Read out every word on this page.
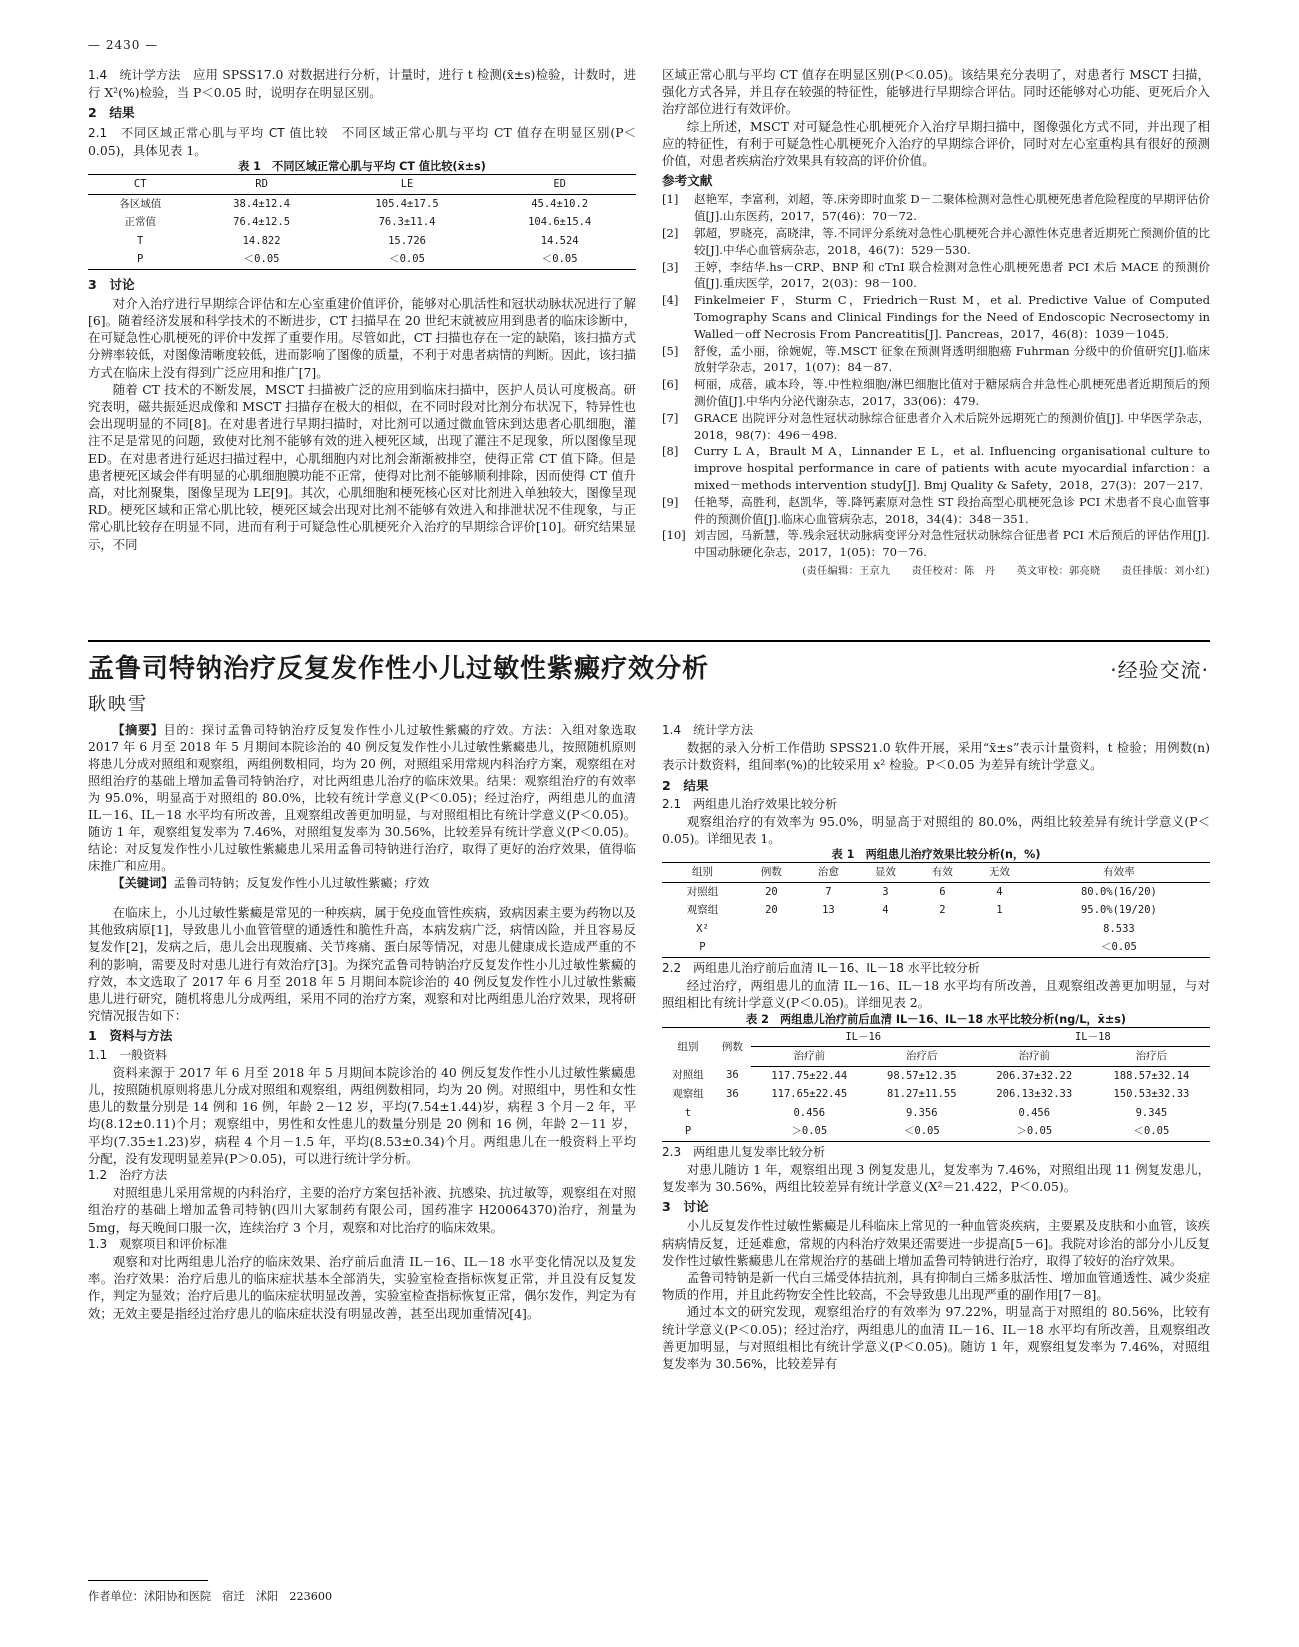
— 2430 —
1.4　统计学方法　 应用 SPSS17.0 对数据进行分析，计量时，进行 t 检测(x̄±s)检验，计数时，进行 X²(%)检验，当 P＜0.05 时，说明存在明显区别。
2　结果
2.1　不同区域正常心肌与平均 CT 值比较　 不同区域正常心肌与平均 CT 值存在明显区别(P＜0.05)，具体见表 1。
表 1　不同区域正常心肌与平均 CT 值比较(x̄±s)
CT	RD	LE	ED
各区域值	38.4±12.4	105.4±17.5	45.4±10.2
正常值	76.4±12.5	76.3±11.4	104.6±15.4
T	14.822	15.726	14.524
P	＜0.05	＜0.05	＜0.05
3　讨论
对介入治疗进行早期综合评估和左心室重建价值评价，能够对心肌活性和冠状动脉状况进行了解[6]。随着经济发展和科学技术的不断进步，CT 扫描早在 20 世纪末就被应用到患者的临床诊断中，在可疑急性心肌梗死的评价中发挥了重要作用。尽管如此，CT 扫描也存在一定的缺陷，该扫描方式分辨率较低，对图像清晰度较低，进而影响了图像的质量，不利于对患者病情的判断。因此，该扫描方式在临床上没有得到广泛应用和推广[7]。
随着 CT 技术的不断发展，MSCT 扫描被广泛的应用到临床扫描中，医护人员认可度极高。研究表明，磁共振延迟成像和 MSCT 扫描存在极大的相似，在不同时段对比剂分布状况下，特异性也会出现明显的不同[8]。在对患者进行早期扫描时，对比剂可以通过微血管床到达患者心肌细胞，灌注不足是常见的问题，致使对比剂不能够有效的进入梗死区域，出现了灌注不足现象，所以图像呈现 ED。在对患者进行延迟扫描过程中，心肌细胞内对比剂会渐渐被排空，使得正常 CT 值下降。但是患者梗死区域会伴有明显的心肌细胞膜功能不正常，使得对比剂不能够顺利排除，因而使得 CT 值升高，对比剂聚集，图像呈现为 LE[9]。其次，心肌细胞和梗死核心区对比剂进入单独较大，图像呈现 RD。梗死区域和正常心肌比较，梗死区域会出现对比剂不能够有效进入和排泄状况不佳现象，与正常心肌比较存在明显不同，进而有利于可疑急性心肌梗死介入治疗的早期综合评价[10]。研究结果显示，不同
区域正常心肌与平均 CT 值存在明显区别(P＜0.05)。该结果充分表明了，对患者行 MSCT 扫描，强化方式各异，并且存在较强的特征性，能够进行早期综合评估。同时还能够对心功能、更死后介入治疗部位进行有效评价。
综上所述，MSCT 对可疑急性心肌梗死介入治疗早期扫描中，图像强化方式不同，并出现了相应的特征性，有利于可疑急性心肌梗死介入治疗的早期综合评价，同时对左心室重构具有很好的预测价值，对患者疾病治疗效果具有较高的评价价值。
参考文献
[1]	赵艳军，李富利，刘超，等.床旁即时血浆 D－二聚体检测对急性心肌梗死患者危险程度的早期评估价值[J].山东医药，2017，57(46)：70－72.
[2]	郭超，罗晓亮，高晓津，等.不同评分系统对急性心肌梗死合并心源性休克患者近期死亡预测价值的比较[J].中华心血管病杂志，2018，46(7)：529－530.
[3]	王婷，李结华.hs－CRP、BNP 和 cTnI 联合检测对急性心肌梗死患者 PCI 术后 MACE 的预测价值[J].重庆医学，2017，2(03)：98－100.
[4]	Finkelmeier F，Sturm C，Friedrich－Rust M，et al. Predictive Value of Computed Tomography Scans and Clinical Findings for the Need of Endoscopic Necrosectomy in Walled－off Necrosis From Pancreatitis[J]. Pancreas，2017，46(8)：1039－1045.
[5]	舒俊，孟小丽，徐婉妮，等.MSCT 征象在预测肾透明细胞癌 Fuhrman 分级中的价值研究[J].临床放射学杂志，2017，1(07)：84－87.
[6]	柯丽，成蓓，戚本玲，等.中性粒细胞/淋巴细胞比值对于糖尿病合并急性心肌梗死患者近期预后的预测价值[J].中华内分泌代谢杂志，2017，33(06)：479.
[7]	GRACE 出院评分对急性冠状动脉综合征患者介入术后院外远期死亡的预测价值[J]. 中华医学杂志，2018，98(7)：496－498.
[8]	Curry L A，Brault M A，Linnander E L，et al. Influencing organisational culture to improve hospital performance in care of patients with acute myocardial infarction：a mixed－methods intervention study[J]. Bmj Quality & Safety，2018，27(3)：207－217.
[9]	任艳琴，高胜利，赵凯华，等.降钙素原对急性 ST 段抬高型心肌梗死急诊 PCI 术患者不良心血管事件的预测价值[J].临床心血管病杂志，2018，34(4)：348－351.
[10] 刘吉园，马新慧，等.残余冠状动脉病变评分对急性冠状动脉综合征患者 PCI 术后预后的评估作用[J].中国动脉硬化杂志，2017，1(05)：70－76.
(责任编辑：王京九　　责任校对：陈　丹　　英文审校：郭亮晓　　责任排版：刘小红)
孟鲁司特钠治疗反复发作性小儿过敏性紫癜疗效分析	·经验交流·
耿映雪
【摘要】目的：探讨孟鲁司特钠治疗反复发作性小儿过敏性紫癜的疗效。方法：入组对象选取 2017 年 6 月至 2018 年 5 月期间本院诊治的 40 例反复发作性小儿过敏性紫癜患儿，按照随机原则将患儿分成对照组和观察组，两组例数相同，均为 20 例，对照组采用常规内科治疗方案，观察组在对照组治疗的基础上增加孟鲁司特钠治疗，对比两组患儿治疗的临床效果。结果：观察组治疗的有效率为 95.0%，明显高于对照组的 80.0%，比较有统计学意义(P＜0.05)；经过治疗，两组患儿的血清 IL－16、IL－18 水平均有所改善，且观察组改善更加明显，与对照组相比有统计学意义(P＜0.05)。随访 1 年，观察组复发率为 7.46%，对照组复发率为 30.56%，比较差异有统计学意义(P＜0.05)。结论：对反复发作性小儿过敏性紫癜患儿采用孟鲁司特钠进行治疗，取得了更好的治疗效果，值得临床推广和应用。
【关键词】孟鲁司特钠；反复发作性小儿过敏性紫癜；疗效
在临床上，小儿过敏性紫癜是常见的一种疾病，属于免疫血管性疾病，致病因素主要为药物以及其他致病原[1]，导致患儿小血管管壁的通透性和脆性升高，本病发病广泛，病情凶险，并且容易反复发作[2]，发病之后，患儿会出现腹痛、关节疼痛、蛋白尿等情况，对患儿健康成长造成严重的不利的影响，需要及时对患儿进行有效治疗[3]。为探究孟鲁司特钠治疗反复发作性小儿过敏性紫癜的疗效，本文选取了 2017 年 6 月至 2018 年 5 月期间本院诊治的 40 例反复发作性小儿过敏性紫癜患儿进行研究，随机将患儿分成两组，采用不同的治疗方案，观察和对比两组患儿治疗效果，现将研究情况报告如下：
1　资料与方法
1.1　一般资料
资料来源于 2017 年 6 月至 2018 年 5 月期间本院诊治的 40 例反复发作性小儿过敏性紫癜患儿，按照随机原则将患儿分成对照组和观察组，两组例数相同，均为 20 例。对照组中，男性和女性患儿的数量分别是 14 例和 16 例，年龄 2－12 岁，平均(7.54±1.44)岁，病程 3 个月－2 年，平均(8.12±0.11)个月；观察组中，男性和女性患儿的数量分别是 20 例和 16 例，年龄 2－11 岁，平均(7.35±1.23)岁，病程 4 个月－1.5 年，平均(8.53±0.34)个月。两组患儿在一般资料上平均分配，没有发现明显差异(P＞0.05)，可以进行统计学分析。
1.2　治疗方法
对照组患儿采用常规的内科治疗，主要的治疗方案包括补液、抗感染、抗过敏等，观察组在对照组治疗的基础上增加孟鲁司特钠(四川大冢制药有限公司，国药准字 H20064370)治疗，剂量为 5mg，每天晚间口服一次，连续治疗 3 个月，观察和对比治疗的临床效果。
1.3　观察项目和评价标准
观察和对比两组患儿治疗的临床效果、治疗前后血清 IL－16、IL－18 水平变化情况以及复发率。治疗效果：治疗后患儿的临床症状基本全部消失，实验室检查指标恢复正常，并且没有反复发作，判定为显效；治疗后患儿的临床症状明显改善，实验室检查指标恢复正常，偶尔发作，判定为有效；无效主要是指经过治疗患儿的临床症状没有明显改善，甚至出现加重情况[4]。
1.4　统计学方法
数据的录入分析工作借助 SPSS21.0 软件开展，采用“x̄±s”表示计量资料，t 检验；用例数(n)表示计数资料，组间率(%)的比较采用 x² 检验。P＜0.05 为差异有统计学意义。
2　结果
2.1　两组患儿治疗效果比较分析
观察组治疗的有效率为 95.0%，明显高于对照组的 80.0%，两组比较差异有统计学意义(P＜0.05)。详细见表 1。
表 1　两组患儿治疗效果比较分析(n，%)
组别	例数	治愈	显效	有效	无效	有效率
对照组	20	7	3	6	4	80.0%(16/20)
观察组	20	13	4	2	1	95.0%(19/20)
X²						8.533
P						＜0.05
2.2　两组患儿治疗前后血清 IL－16、IL－18 水平比较分析
经过治疗，两组患儿的血清 IL－16、IL－18 水平均有所改善，且观察组改善更加明显，与对照组相比有统计学意义(P＜0.05)。详细见表 2。
表 2　两组患儿治疗前后血清 IL－16、IL－18 水平比较分析(ng/L，x̄±s)
组别	例数	IL－16		IL－18	
		治疗前	治疗后	治疗前	治疗后
对照组	36	117.75±22.44	98.57±12.35	206.37±32.22	188.57±32.14
观察组	36	117.65±22.45	81.27±11.55	206.13±32.33	150.53±32.33
t		0.456	9.356	0.456	9.345
P		＞0.05	＜0.05	＞0.05	＜0.05
2.3　两组患儿复发率比较分析
对患儿随访 1 年，观察组出现 3 例复发患儿，复发率为 7.46%，对照组出现 11 例复发患儿，复发率为 30.56%，两组比较差异有统计学意义(X²＝21.422，P＜0.05)。
3　讨论
小儿反复发作性过敏性紫癜是儿科临床上常见的一种血管炎疾病，主要累及皮肤和小血管，该疾病病情反复，迁延难愈，常规的内科治疗效果还需要进一步提高[5－6]。我院对诊治的部分小儿反复发作性过敏性紫癜患儿在常规治疗的基础上增加孟鲁司特钠进行治疗，取得了较好的治疗效果。
孟鲁司特钠是新一代白三烯受体拮抗剂，具有抑制白三烯多肽活性、增加血管通透性、减少炎症物质的作用，并且此药物安全性比较高，不会导致患儿出现严重的副作用[7－8]。
通过本文的研究发现，观察组治疗的有效率为 97.22%，明显高于对照组的 80.56%，比较有统计学意义(P＜0.05)；经过治疗，两组患儿的血清 IL－16、IL－18 水平均有所改善，且观察组改善更加明显，与对照组相比有统计学意义(P＜0.05)。随访 1 年，观察组复发率为 7.46%，对照组复发率为 30.56%，比较差异有
作者单位：沭阳协和医院　宿迁　沭阳　223600
